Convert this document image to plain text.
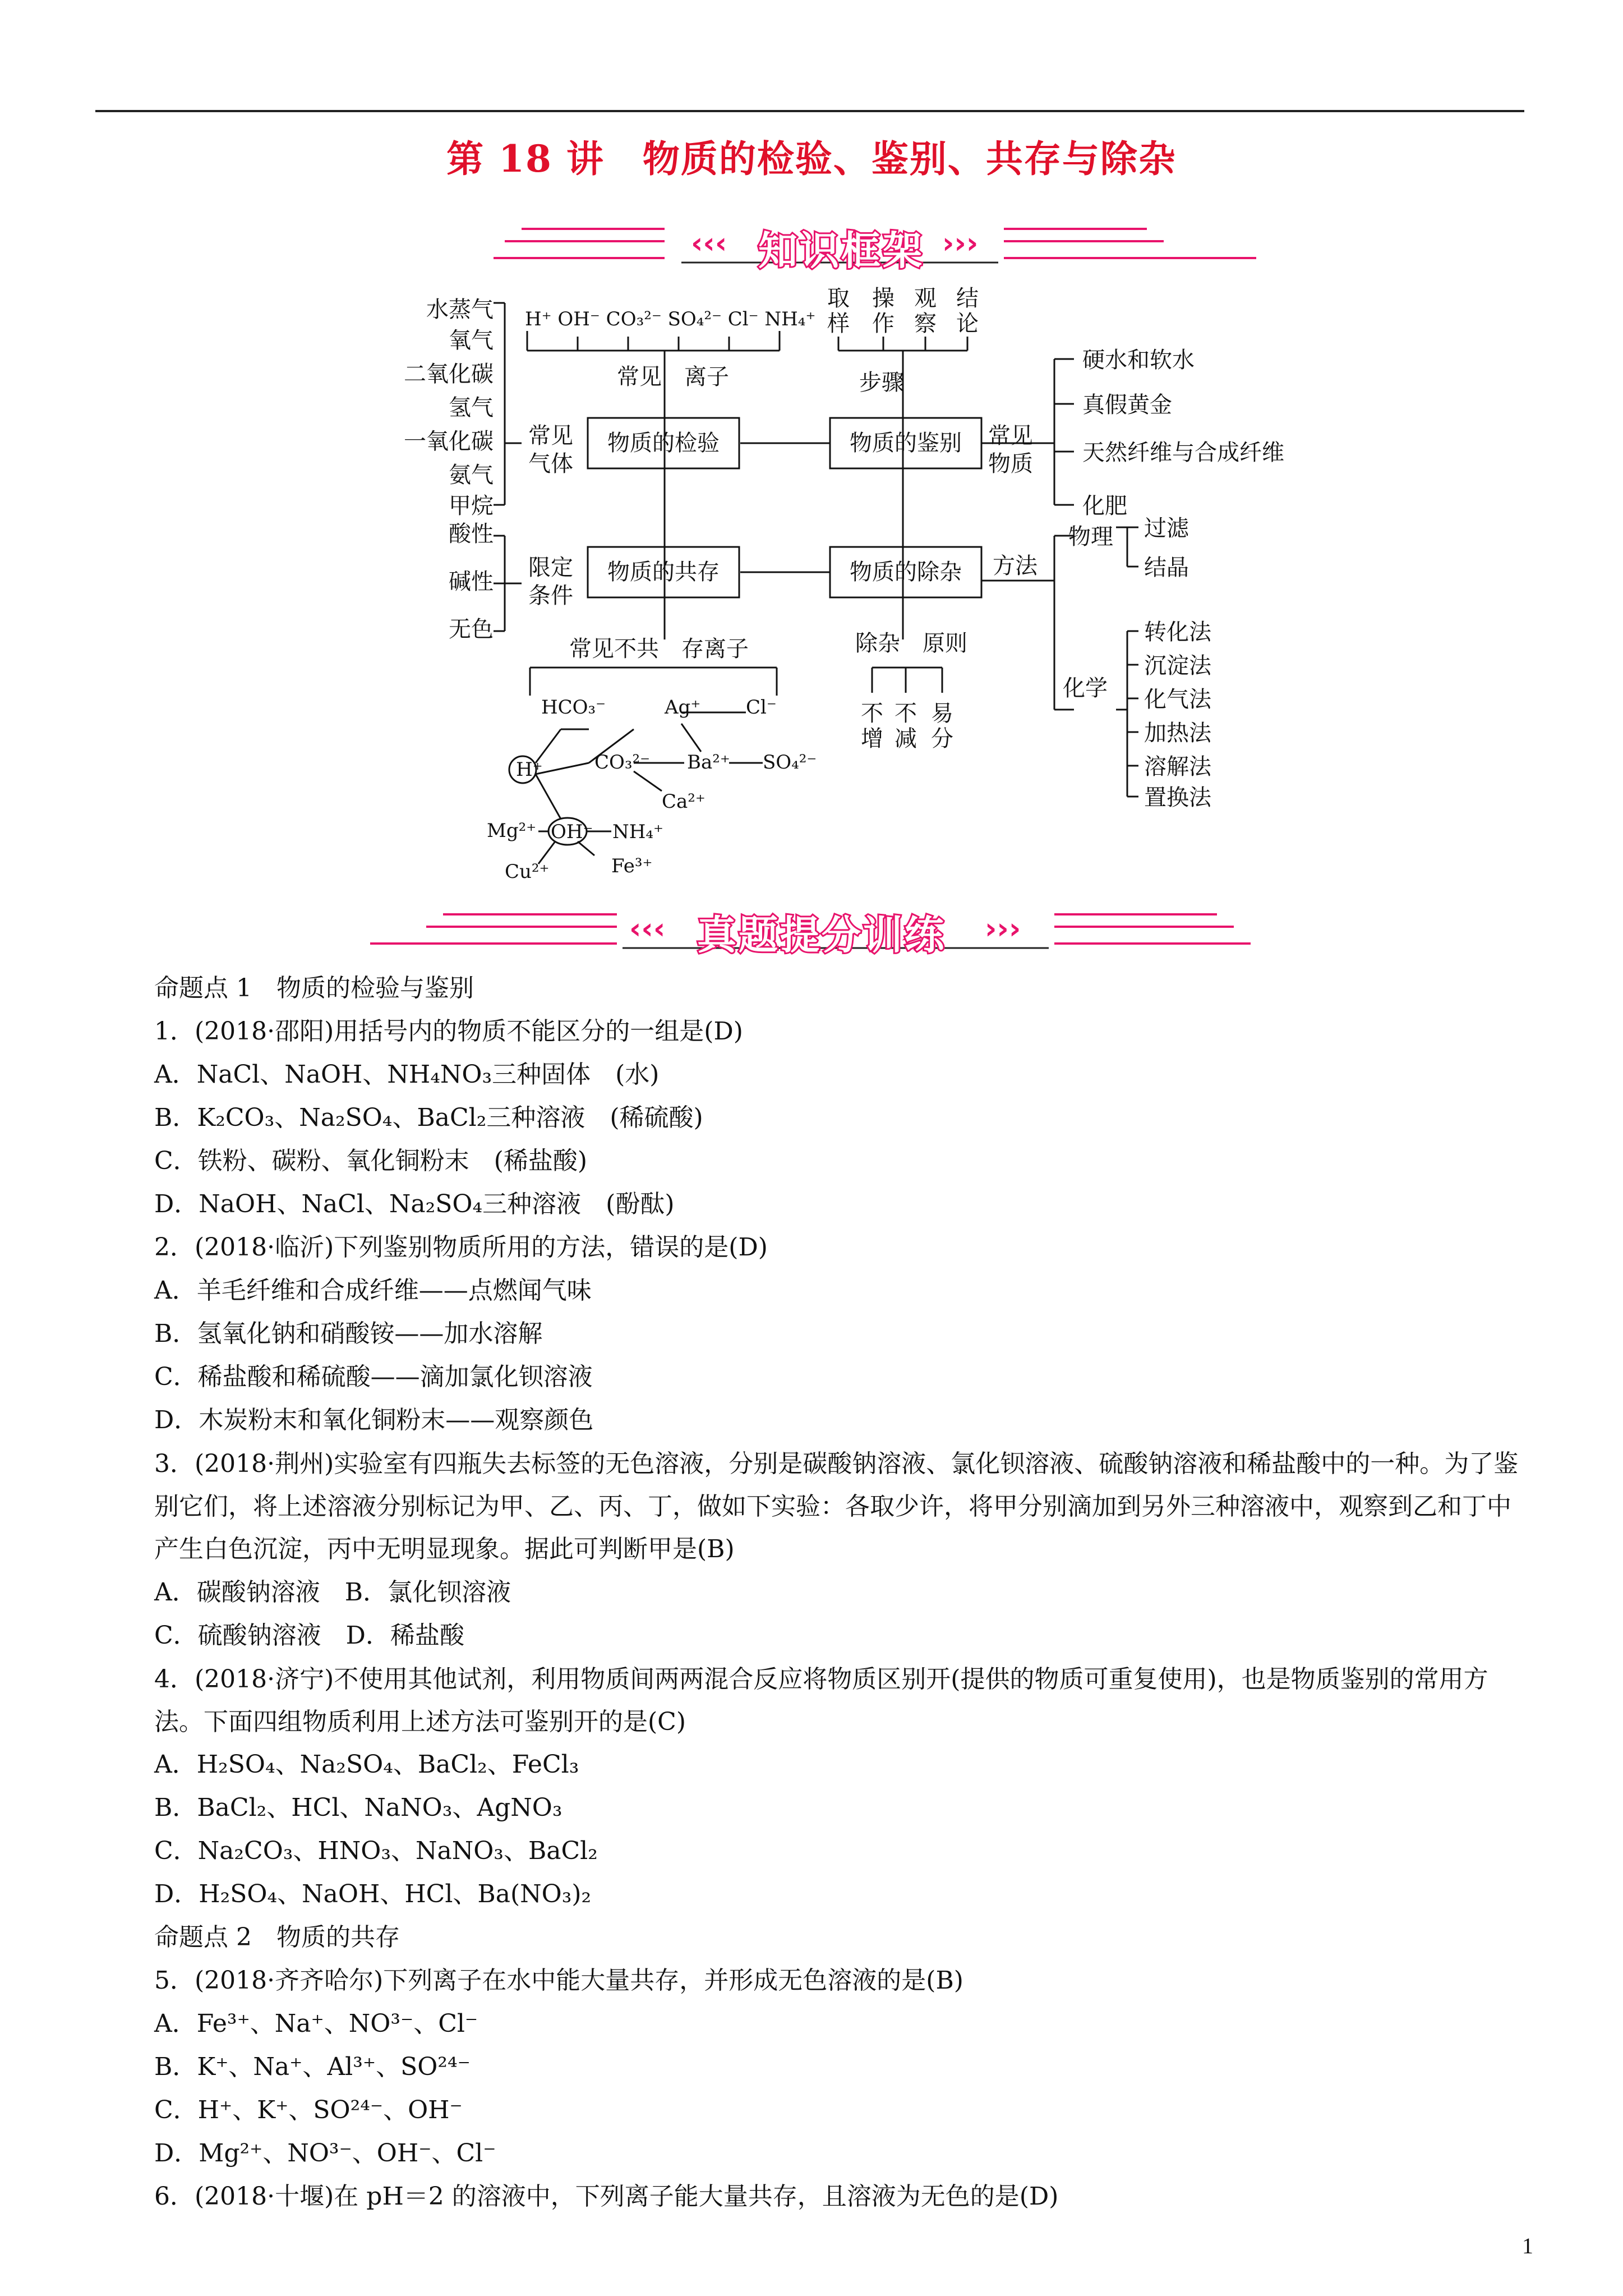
第 18 讲　物质的检验、鉴别、共存与除杂
‹‹‹ 知识框架 ›››
‹‹‹ 真题提分训练 ›››
水蒸气
氧气
二氧化碳
氢气
一氧化碳
氨气
甲烷
酸性
碱性
无色
常见
气体
限定
条件
常见　离子
常见不共　存离子
步骤
常见
物质
方法
物理
化学
除杂　原则
物质的检验	物质的鉴别
物质的共存	物质的除杂
取
样
操
作
观
察
结
论
不
增
不
减
易
分
硬水和软水
真假黄金
天然纤维与合成纤维
化肥
过滤
结晶
转化法
沉淀法
化气法
加热法
溶解法
置换法
H⁺ OH⁻ CO₃²⁻ SO₄²⁻ Cl⁻ NH₄⁺
HCO₃⁻	Ag⁺ Cl⁻
H⁺	CO₃²⁻ Ba²⁺ SO₄²⁻
Ca²⁺
Mg²⁺ OH⁻ NH₄⁺
Cu²⁺	Fe³⁺
命题点 1　物质的检验与鉴别
1．(2018·邵阳)用括号内的物质不能区分的一组是(D)
A．NaCl、NaOH、NH₄NO₃三种固体　(水)
B．K₂CO₃、Na₂SO₄、BaCl₂三种溶液　(稀硫酸)
C．铁粉、碳粉、氧化铜粉末　(稀盐酸)
D．NaOH、NaCl、Na₂SO₄三种溶液　(酚酞)
2．(2018·临沂)下列鉴别物质所用的方法，错误的是(D)
A．羊毛纤维和合成纤维——点燃闻气味
B．氢氧化钠和硝酸铵——加水溶解
C．稀盐酸和稀硫酸——滴加氯化钡溶液
D．木炭粉末和氧化铜粉末——观察颜色
3．(2018·荆州)实验室有四瓶失去标签的无色溶液，分别是碳酸钠溶液、氯化钡溶液、硫酸钠溶液和稀盐酸中的一种。为了鉴别它们，将上述溶液分别标记为甲、乙、丙、丁，做如下实验：各取少许，将甲分别滴加到另外三种溶液中，观察到乙和丁中产生白色沉淀，丙中无明显现象。据此可判断甲是(B)
A．碳酸钠溶液　B．氯化钡溶液
C．硫酸钠溶液　D．稀盐酸
4．(2018·济宁)不使用其他试剂，利用物质间两两混合反应将物质区别开(提供的物质可重复使用)，也是物质鉴别的常用方法。下面四组物质利用上述方法可鉴别开的是(C)
A．H₂SO₄、Na₂SO₄、BaCl₂、FeCl₃
B．BaCl₂、HCl、NaNO₃、AgNO₃
C．Na₂CO₃、HNO₃、NaNO₃、BaCl₂
D．H₂SO₄、NaOH、HCl、Ba(NO₃)₂
命题点 2　物质的共存
5．(2018·齐齐哈尔)下列离子在水中能大量共存，并形成无色溶液的是(B)
A．Fe³⁺、Na⁺、NO³⁻、Cl⁻
B．K⁺、Na⁺、Al³⁺、SO²⁴⁻
C．H⁺、K⁺、SO²⁴⁻、OH⁻
D．Mg²⁺、NO³⁻、OH⁻、Cl⁻
6．(2018·十堰)在 pH＝2 的溶液中，下列离子能大量共存，且溶液为无色的是(D)
1
